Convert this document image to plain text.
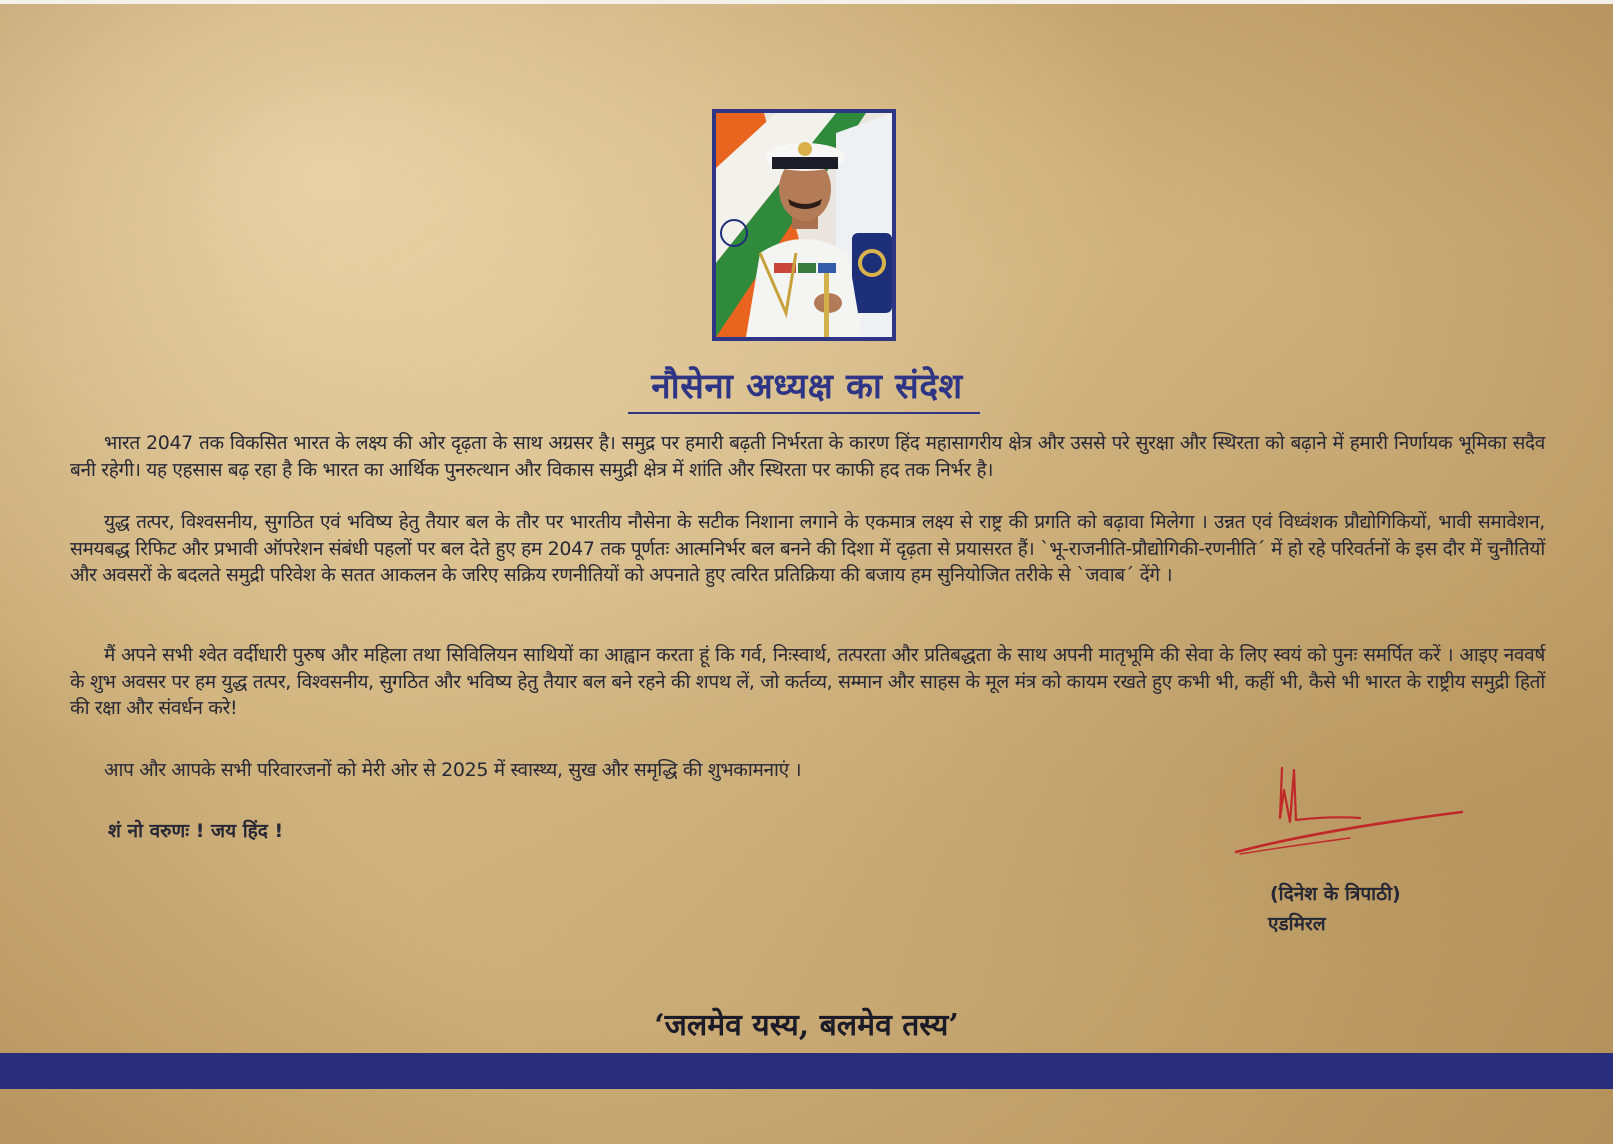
नौसेना अध्यक्ष का संदेश

भारत 2047 तक विकसित भारत के लक्ष्य की ओर दृढ़ता के साथ अग्रसर है। समुद्र पर हमारी बढ़ती निर्भरता के कारण हिंद महासागरीय क्षेत्र और उससे परे सुरक्षा और स्थिरता को बढ़ाने में हमारी निर्णायक भूमिका सदैव बनी रहेगी। यह एहसास बढ़ रहा है कि भारत का आर्थिक पुनरुत्थान और विकास समुद्री क्षेत्र में शांति और स्थिरता पर काफी हद तक निर्भर है।

युद्ध तत्पर, विश्वसनीय, सुगठित एवं भविष्य हेतु तैयार बल के तौर पर भारतीय नौसेना के सटीक निशाना लगाने के एकमात्र लक्ष्य से राष्ट्र की प्रगति को बढ़ावा मिलेगा । उन्नत एवं विध्वंशक प्रौद्योगिकियों, भावी समावेशन, समयबद्ध रिफिट और प्रभावी ऑपरेशन संबंधी पहलों पर बल देते हुए हम 2047 तक पूर्णतः आत्मनिर्भर बल बनने की दिशा में दृढ़ता से प्रयासरत हैं। `भू-राजनीति-प्रौद्योगिकी-रणनीति´ में हो रहे परिवर्तनों के इस दौर में चुनौतियों और अवसरों के बदलते समुद्री परिवेश के सतत आकलन के जरिए सक्रिय रणनीतियों को अपनाते हुए त्वरित प्रतिक्रिया की बजाय हम सुनियोजित तरीके से `जवाब´ देंगे ।

मैं अपने सभी श्वेत वर्दीधारी पुरुष और महिला तथा सिविलियन साथियों का आह्वान करता हूं कि गर्व, निःस्वार्थ, तत्परता और प्रतिबद्धता के साथ अपनी मातृभूमि की सेवा के लिए स्वयं को पुनः समर्पित करें । आइए नववर्ष के शुभ अवसर पर हम युद्ध तत्पर, विश्वसनीय, सुगठित और भविष्य हेतु तैयार बल बने रहने की शपथ लें, जो कर्तव्य, सम्मान और साहस के मूल मंत्र को कायम रखते हुए कभी भी, कहीं भी, कैसे भी भारत के राष्ट्रीय समुद्री हितों की रक्षा और संवर्धन करे!

आप और आपके सभी परिवारजनों को मेरी ओर से 2025 में स्वास्थ्य, सुख और समृद्धि की शुभकामनाएं ।

शं नो वरुणः ! जय हिंद !
(दिनेश के त्रिपाठी)
एडमिरल
‘जलमेव यस्य, बलमेव तस्य’
